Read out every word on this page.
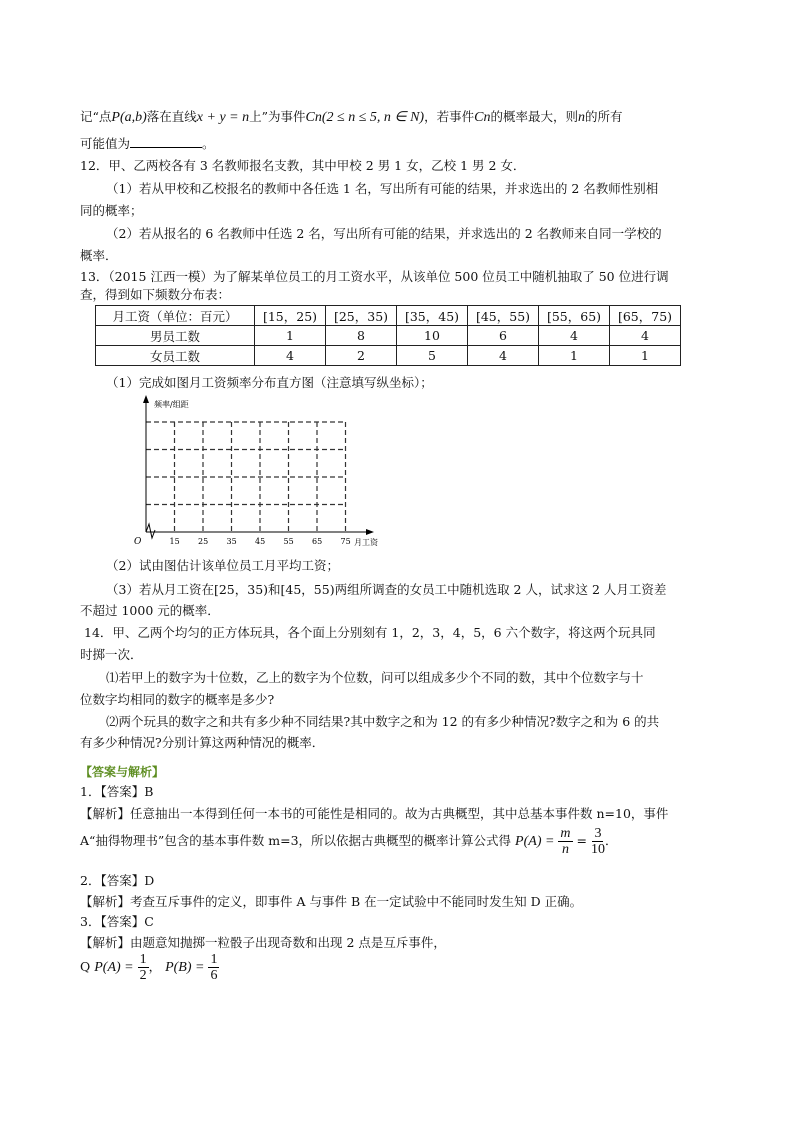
记“点P(a,b)落在直线x + y = n上”为事件Cn(2 ≤ n ≤ 5, n ∈ N)，若事件Cn的概率最大，则n的所有
可能值为	。
12．甲、乙两校各有 3 名教师报名支教，其中甲校 2 男 1 女，乙校 1 男 2 女．
（1）若从甲校和乙校报名的教师中各任选 1 名，写出所有可能的结果，并求选出的 2 名教师性别相
同的概率；
（2）若从报名的 6 名教师中任选 2 名，写出所有可能的结果，并求选出的 2 名教师来自同一学校的
概率．
13．（2015 江西一模）为了解某单位员工的月工资水平，从该单位 500 位员工中随机抽取了 50 位进行调
查，得到如下频数分布表：
月工资（单位：百元）	[15，25)	[25，35)	[35，45)	[45，55)	[55，65)	[65，75)
男员工数	1	8	10	6	4	4
女员工数	4	2	5	4	1	1
（1）完成如图月工资频率分布直方图（注意填写纵坐标）；
频率/组距
月工资
O	15 25 35 45 55 65 75
（2）试由图估计该单位员工月平均工资；
（3）若从月工资在[25，35)和[45，55)两组所调查的女员工中随机选取 2 人，试求这 2 人月工资差
不超过 1000 元的概率．
14．甲、乙两个均匀的正方体玩具，各个面上分别刻有 1，2，3，4，5，6 六个数字，将这两个玩具同
时掷一次．
⑴若甲上的数字为十位数，乙上的数字为个位数，问可以组成多少个不同的数，其中个位数字与十
位数字均相同的数字的概率是多少?
⑵两个玩具的数字之和共有多少种不同结果?其中数字之和为 12 的有多少种情况?数字之和为 6 的共
有多少种情况?分别计算这两种情况的概率．
【答案与解析】
1．【答案】B
【解析】任意抽出一本得到任何一本书的可能性是相同的。故为古典概型，其中总基本事件数 n=10，事件
A“抽得物理书”包含的基本事件数 m=3，所以依据古典概型的概率计算公式得 $P(A) = \frac{m}{n} = \frac{3}{10}$ ．
2．【答案】D
【解析】考查互斥事件的定义，即事件 A 与事件 B 在一定试验中不能同时发生知 D 正确。
3．【答案】C
【解析】由题意知抛掷一粒骰子出现奇数和出现 2 点是互斥事件，
Q $P(A) = \frac{1}{2}$ ， $P(B) = \frac{1}{6}$
